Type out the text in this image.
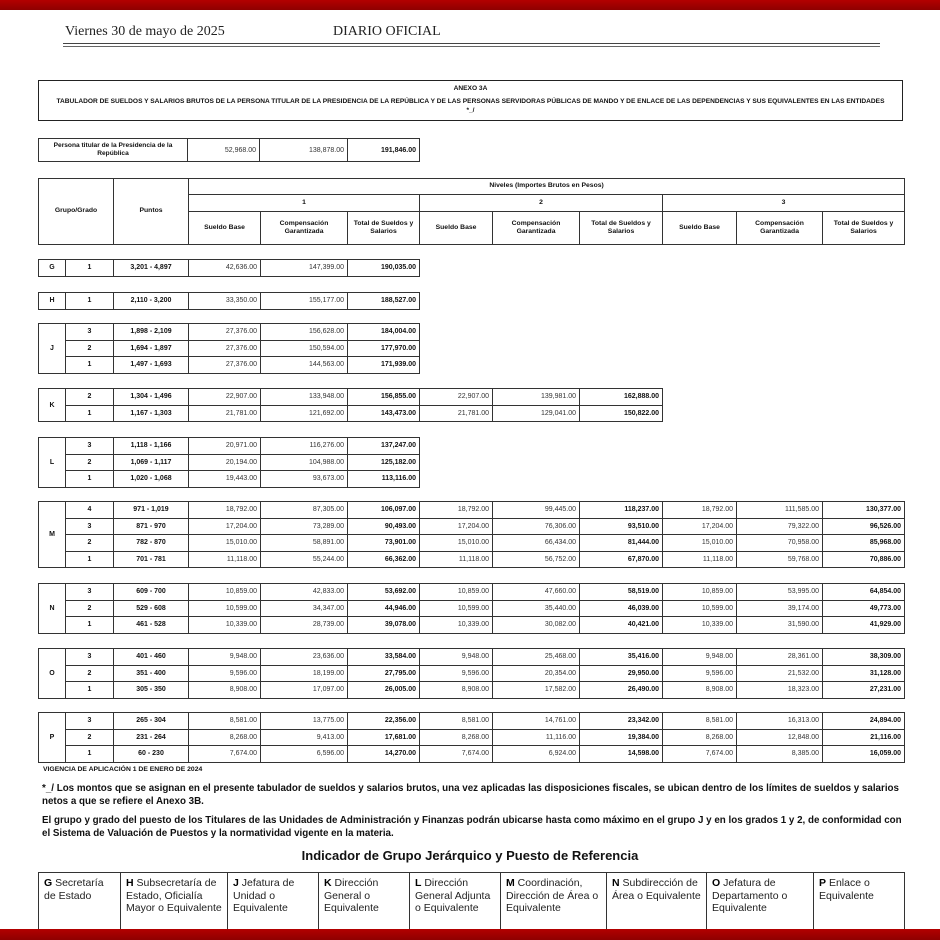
Viernes 30 de mayo de 2025	DIARIO OFICIAL
ANEXO 3A
TABULADOR DE SUELDOS Y SALARIOS BRUTOS DE LA PERSONA TITULAR DE LA PRESIDENCIA DE LA REPÚBLICA Y DE LAS PERSONAS SERVIDORAS PÚBLICAS DE MANDO Y DE ENLACE DE LAS DEPENDENCIAS Y SUS EQUIVALENTES EN LAS ENTIDADES *_/
Persona titular de la Presidencia de la República	52,968.00	138,878.00	191,846.00
Grupo/Grado	Puntos	Niveles (Importes Brutos en Pesos)								
		1			2			3		
		Sueldo Base	Compensación Garantizada	Total de Sueldos y Salarios	Sueldo Base	Compensación Garantizada	Total de Sueldos y Salarios	Sueldo Base	Compensación Garantizada	Total de Sueldos y Salarios
G	1	3,201 - 4,897	42,636.00	147,399.00	190,035.00
H	1	2,110 - 3,200	33,350.00	155,177.00	188,527.00
J	3	1,898 - 2,109	27,376.00	156,628.00	184,004.00
	2	1,694 - 1,897	27,376.00	150,594.00	177,970.00
	1	1,497 - 1,693	27,376.00	144,563.00	171,939.00
K	2	1,304 - 1,496	22,907.00	133,948.00	156,855.00	22,907.00	139,981.00	162,888.00
	1	1,167 - 1,303	21,781.00	121,692.00	143,473.00	21,781.00	129,041.00	150,822.00
L	3	1,118 - 1,166	20,971.00	116,276.00	137,247.00
	2	1,069 - 1,117	20,194.00	104,988.00	125,182.00
	1	1,020 - 1,068	19,443.00	93,673.00	113,116.00
M	4	971 - 1,019	18,792.00	87,305.00	106,097.00	18,792.00	99,445.00	118,237.00	18,792.00	111,585.00	130,377.00
	3	871 - 970	17,204.00	73,289.00	90,493.00	17,204.00	76,306.00	93,510.00	17,204.00	79,322.00	96,526.00
	2	782 - 870	15,010.00	58,891.00	73,901.00	15,010.00	66,434.00	81,444.00	15,010.00	70,958.00	85,968.00
	1	701 - 781	11,118.00	55,244.00	66,362.00	11,118.00	56,752.00	67,870.00	11,118.00	59,768.00	70,886.00
N	3	609 - 700	10,859.00	42,833.00	53,692.00	10,859.00	47,660.00	58,519.00	10,859.00	53,995.00	64,854.00
	2	529 - 608	10,599.00	34,347.00	44,946.00	10,599.00	35,440.00	46,039.00	10,599.00	39,174.00	49,773.00
	1	461 - 528	10,339.00	28,739.00	39,078.00	10,339.00	30,082.00	40,421.00	10,339.00	31,590.00	41,929.00
O	3	401 - 460	9,948.00	23,636.00	33,584.00	9,948.00	25,468.00	35,416.00	9,948.00	28,361.00	38,309.00
	2	351 - 400	9,596.00	18,199.00	27,795.00	9,596.00	20,354.00	29,950.00	9,596.00	21,532.00	31,128.00
	1	305 - 350	8,908.00	17,097.00	26,005.00	8,908.00	17,582.00	26,490.00	8,908.00	18,323.00	27,231.00
P	3	265 - 304	8,581.00	13,775.00	22,356.00	8,581.00	14,761.00	23,342.00	8,581.00	16,313.00	24,894.00
	2	231 - 264	8,268.00	9,413.00	17,681.00	8,268.00	11,116.00	19,384.00	8,268.00	12,848.00	21,116.00
	1	60 - 230	7,674.00	6,596.00	14,270.00	7,674.00	6,924.00	14,598.00	7,674.00	8,385.00	16,059.00
VIGENCIA DE APLICACIÓN 1 DE ENERO DE 2024
*_/ Los montos que se asignan en el presente tabulador de sueldos y salarios brutos, una vez aplicadas las disposiciones fiscales, se ubican dentro de los límites de sueldos y salarios netos a que se refiere el Anexo 3B.
El grupo y grado del puesto de los Titulares de las Unidades de Administración y Finanzas podrán ubicarse hasta como máximo en el grupo J y en los grados 1 y 2, de conformidad con el Sistema de Valuación de Puestos y la normatividad vigente en la materia.
Indicador de Grupo Jerárquico y Puesto de Referencia
G Secretaría de Estado	H Subsecretaría de Estado, Oficialía Mayor o Equivalente	J Jefatura de Unidad o Equivalente	K Dirección General o Equivalente	L Dirección General Adjunta o Equivalente	M Coordinación, Dirección de Área o Equivalente	N Subdirección de Área o Equivalente	O Jefatura de Departamento o Equivalente	P Enlace o Equivalente
